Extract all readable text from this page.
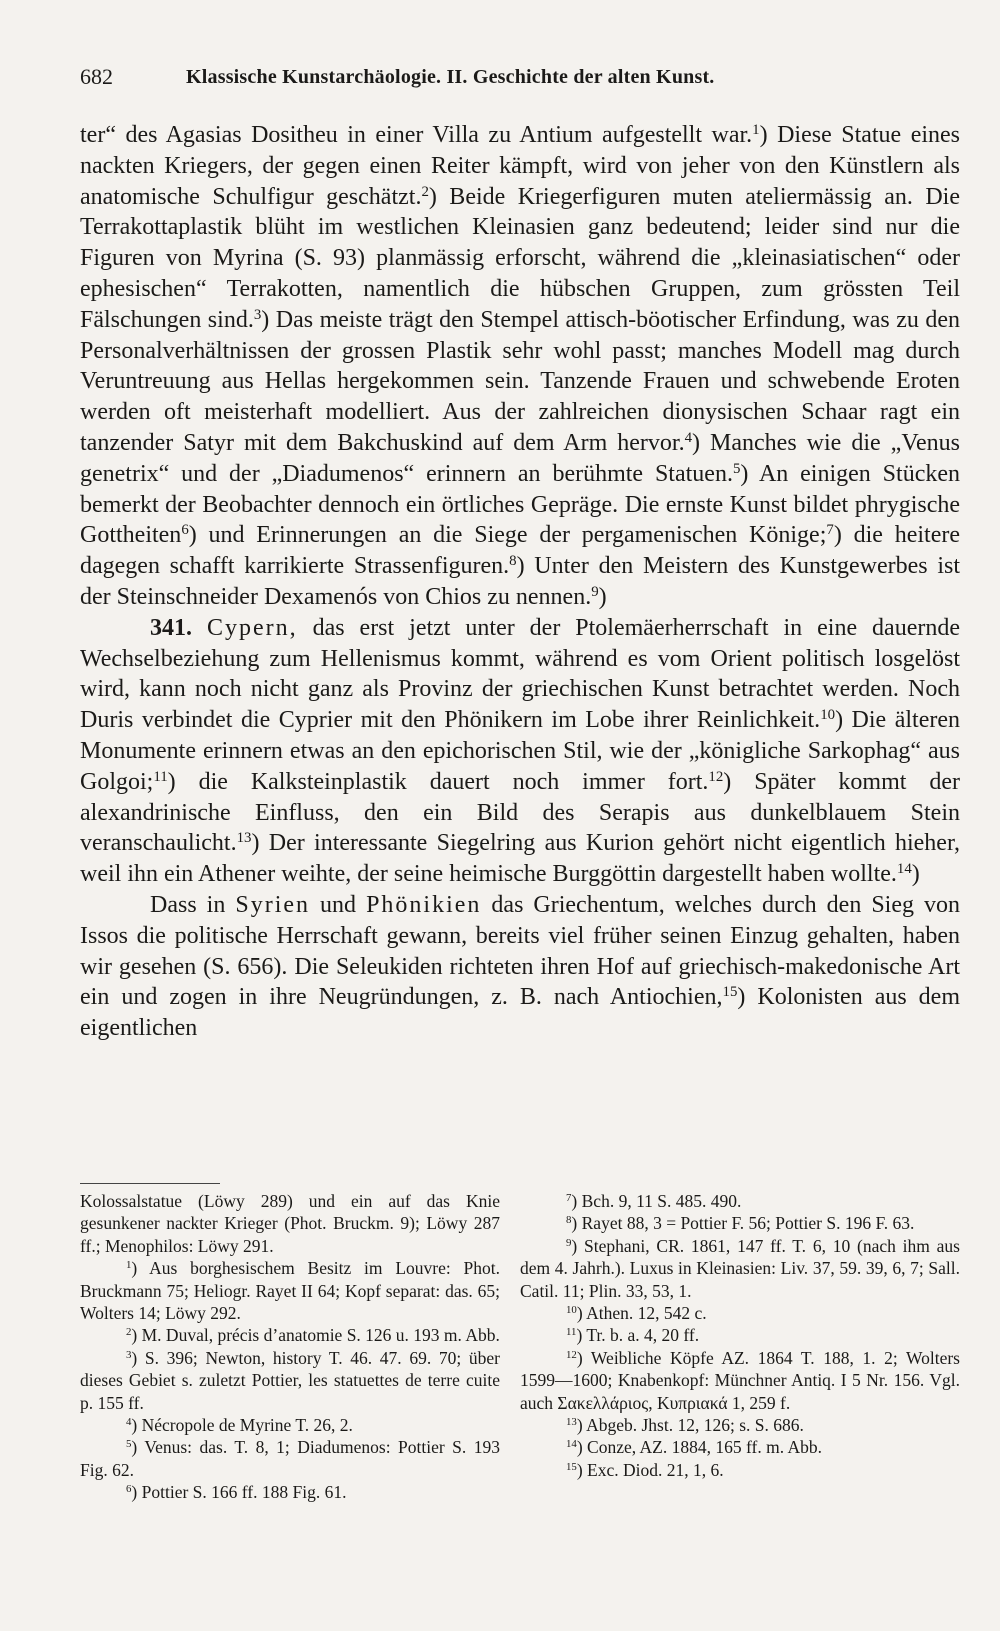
682	Klassische Kunstarchäologie. II. Geschichte der alten Kunst.

ter“ des Agasias Dositheu in einer Villa zu Antium aufgestellt war.$^1$) Diese Statue eines nackten Kriegers, der gegen einen Reiter kämpft, wird von jeher von den Künstlern als anatomische Schulfigur geschätzt.$^2$) Beide Kriegerfiguren muten ateliermässig an. Die Terrakottaplastik blüht im westlichen Kleinasien ganz bedeutend; leider sind nur die Figuren von Myrina (S. 93) planmässig erforscht, während die „kleinasiatischen“ oder ephesischen“ Terrakotten, namentlich die hübschen Gruppen, zum grössten Teil Fälschungen sind.$^3$) Das meiste trägt den Stempel attisch-böotischer Erfindung, was zu den Personalverhältnissen der grossen Plastik sehr wohl passt; manches Modell mag durch Veruntreuung aus Hellas hergekommen sein. Tanzende Frauen und schwebende Eroten werden oft meisterhaft modelliert. Aus der zahlreichen dionysischen Schaar ragt ein tanzender Satyr mit dem Bakchuskind auf dem Arm hervor.$^4$) Manches wie die „Venus genetrix“ und der „Diadumenos“ erinnern an berühmte Statuen.$^5$) An einigen Stücken bemerkt der Beobachter dennoch ein örtliches Gepräge. Die ernste Kunst bildet phrygische Gottheiten$^6$) und Erinnerungen an die Siege der pergamenischen Könige;$^7$) die heitere dagegen schafft karrikierte Strassenfiguren.$^8$) Unter den Meistern des Kunstgewerbes ist der Steinschneider Dexamenós von Chios zu nennen.$^9$)

341. Cypern, das erst jetzt unter der Ptolemäerherrschaft in eine dauernde Wechselbeziehung zum Hellenismus kommt, während es vom Orient politisch losgelöst wird, kann noch nicht ganz als Provinz der griechischen Kunst betrachtet werden. Noch Duris verbindet die Cyprier mit den Phönikern im Lobe ihrer Reinlichkeit.$^{10}$) Die älteren Monumente erinnern etwas an den epichorischen Stil, wie der „königliche Sarkophag“ aus Golgoi;$^{11}$) die Kalksteinplastik dauert noch immer fort.$^{12}$) Später kommt der alexandrinische Einfluss, den ein Bild des Serapis aus dunkelblauem Stein veranschaulicht.$^{13}$) Der interessante Siegelring aus Kurion gehört nicht eigentlich hieher, weil ihn ein Athener weihte, der seine heimische Burggöttin dargestellt haben wollte.$^{14}$)

Dass in Syrien und Phönikien das Griechentum, welches durch den Sieg von Issos die politische Herrschaft gewann, bereits viel früher seinen Einzug gehalten, haben wir gesehen (S. 656). Die Seleukiden richteten ihren Hof auf griechisch-makedonische Art ein und zogen in ihre Neugründungen, z. B. nach Antiochien,$^{15}$) Kolonisten aus dem eigentlichen

Kolossalstatue (Löwy 289) und ein auf das Knie gesunkener nackter Krieger (Phot. Bruckm. 9); Löwy 287 ff.; Menophilos: Löwy 291.

$^1$) Aus borghesischem Besitz im Louvre: Phot. Bruckmann 75; Heliogr. Rayet II 64; Kopf separat: das. 65; Wolters 14; Löwy 292.

$^2$) M. Duval, précis d’anatomie S. 126 u. 193 m. Abb.

$^3$) S. 396; Newton, history T. 46. 47. 69. 70; über dieses Gebiet s. zuletzt Pottier, les statuettes de terre cuite p. 155 ff.

$^4$) Nécropole de Myrine T. 26, 2.

$^5$) Venus: das. T. 8, 1; Diadumenos: Pottier S. 193 Fig. 62.

$^6$) Pottier S. 166 ff. 188 Fig. 61.

$^7$) Bch. 9, 11 S. 485. 490.

$^8$) Rayet 88, 3 = Pottier F. 56; Pottier S. 196 F. 63.

$^9$) Stephani, CR. 1861, 147 ff. T. 6, 10 (nach ihm aus dem 4. Jahrh.). Luxus in Kleinasien: Liv. 37, 59. 39, 6, 7; Sall. Catil. 11; Plin. 33, 53, 1.

$^{10}$) Athen. 12, 542 c.

$^{11}$) Tr. b. a. 4, 20 ff.

$^{12}$) Weibliche Köpfe AZ. 1864 T. 188, 1. 2; Wolters 1599—1600; Knabenkopf: Münchner Antiq. I 5 Nr. 156. Vgl. auch Σακελλάριος, Κυπριακά 1, 259 f.

$^{13}$) Abgeb. Jhst. 12, 126; s. S. 686.

$^{14}$) Conze, AZ. 1884, 165 ff. m. Abb.

$^{15}$) Exc. Diod. 21, 1, 6.
